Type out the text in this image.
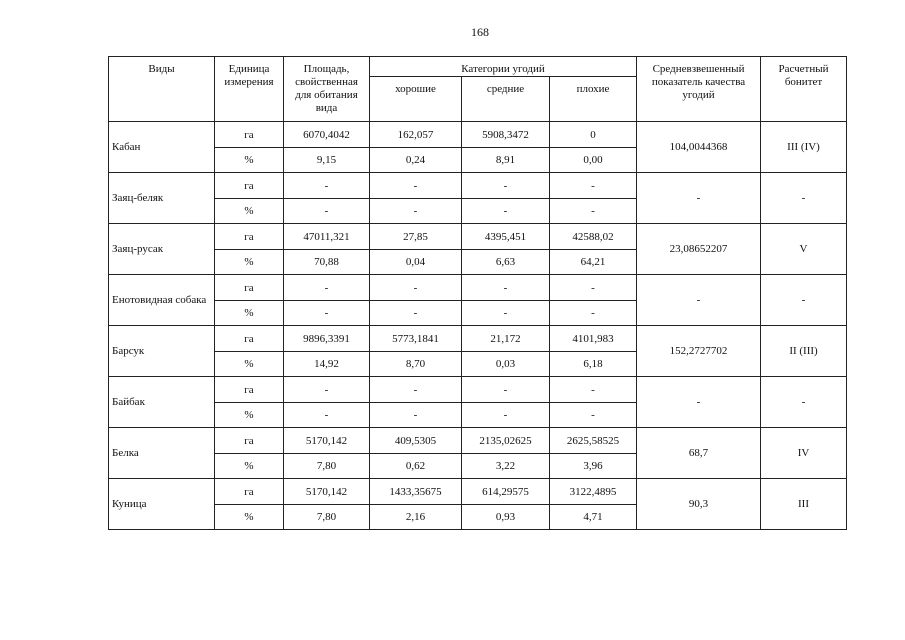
168
Виды	Единица измерения	Площадь, свойственная для обитания вида	Категории угодий			Средневзвешенный показатель качества угодий	Расчетный бонитет
			хорошие	средние	плохие		
Кабан	га	6070,4042	162,057	5908,3472	0	104,0044368	III (IV)
	%	9,15	0,24	8,91	0,00		
Заяц-беляк	га	-	-	-	-	-	-
	%	-	-	-	-		
Заяц-русак	га	47011,321	27,85	4395,451	42588,02	23,08652207	V
	%	70,88	0,04	6,63	64,21		
Енотовидная собака	га	-	-	-	-	-	-
	%	-	-	-	-		
Барсук	га	9896,3391	5773,1841	21,172	4101,983	152,2727702	II (III)
	%	14,92	8,70	0,03	6,18		
Байбак	га	-	-	-	-	-	-
	%	-	-	-	-		
Белка	га	5170,142	409,5305	2135,02625	2625,58525	68,7	IV
	%	7,80	0,62	3,22	3,96		
Куница	га	5170,142	1433,35675	614,29575	3122,4895	90,3	III
	%	7,80	2,16	0,93	4,71		
